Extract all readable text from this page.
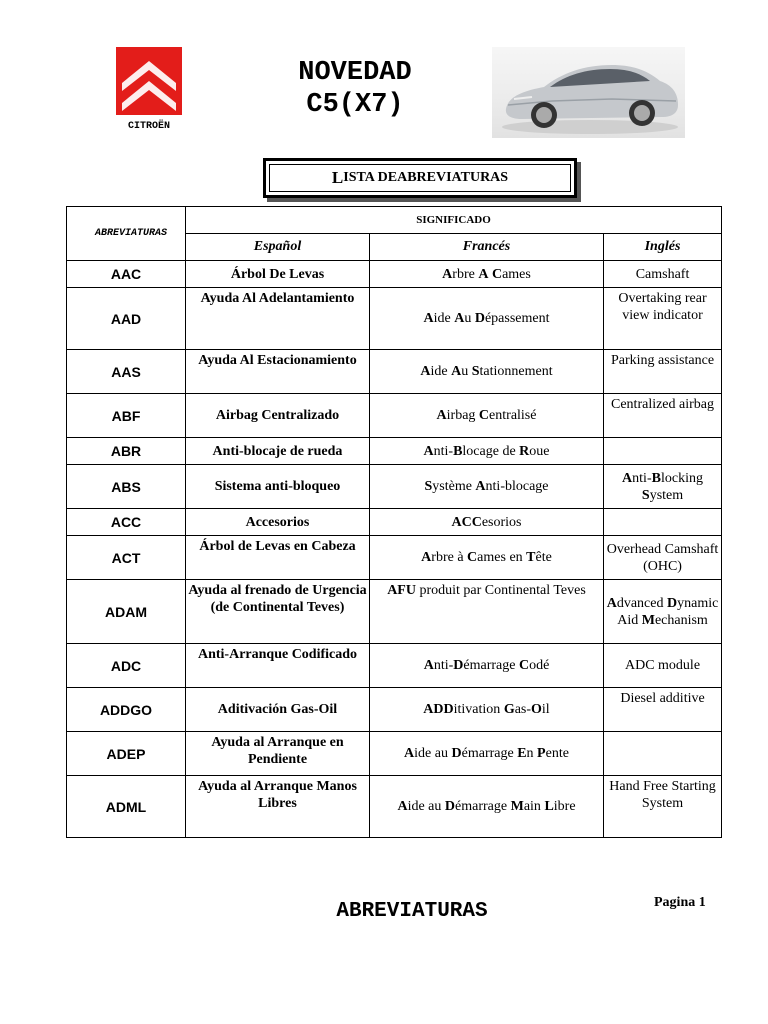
CITROËN
NOVEDAD
C5(X7)
L ISTA DE ABREVIATURAS
ABREVIATURAS	SIGNIFICADO		
	Español	Francés	Inglés
AAC	Árbol De Levas	Arbre A Cames	Camshaft
AAD	Ayuda Al Adelantamiento	Aide Au Dépassement	Overtaking rear view indicator
AAS	Ayuda Al Estacionamiento	Aide Au Stationnement	Parking assistance
ABF	Airbag Centralizado	Airbag Centralisé	Centralized airbag
ABR	Anti-blocaje de rueda	Anti-Blocage de Roue	
ABS	Sistema anti-bloqueo	Système Anti-blocage	Anti-Blocking System
ACC	Accesorios	ACCesorios	
ACT	Árbol de Levas en Cabeza	Arbre à Cames en Tête	Overhead Camshaft (OHC)
ADAM	Ayuda al frenado de Urgencia (de Continental Teves)	AFU produit par Continental Teves	Advanced Dynamic Aid Mechanism
ADC	Anti-Arranque Codificado	Anti-Démarrage Codé	ADC module
ADDGO	Aditivación Gas-Oil	ADDitivation Gas-Oil	Diesel additive
ADEP	Ayuda al Arranque en Pendiente	Aide au Démarrage En Pente	
ADML	Ayuda al Arranque Manos Libres	Aide au Démarrage Main Libre	Hand Free Starting System
ABREVIATURAS	Pagina 1
